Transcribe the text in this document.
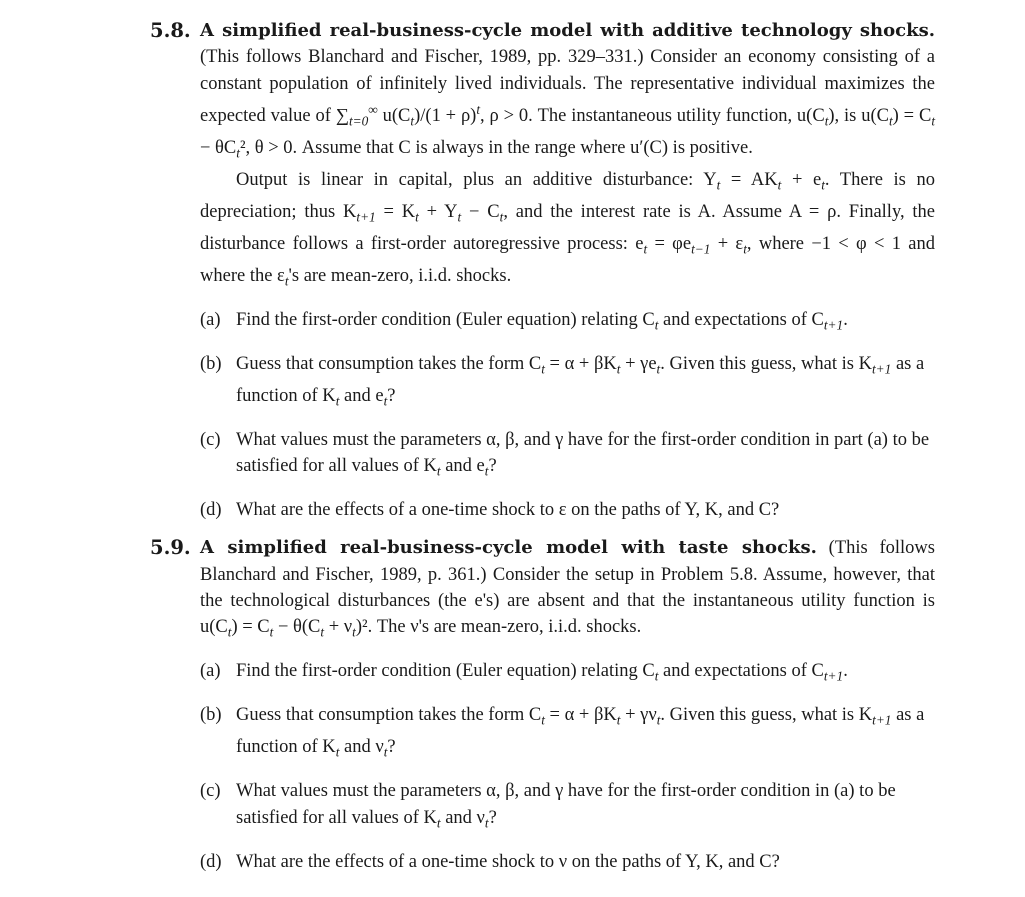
5.8. A simplified real-business-cycle model with additive technology shocks. (This follows Blanchard and Fischer, 1989, pp. 329–331.) Consider an economy consisting of a constant population of infinitely lived individuals. The representative individual maximizes the expected value of $\sum_{t=0}^\infty$ $u(C_t)/(1 + \rho)^t$, ρ > 0. The instantaneous utility function, $u(C_t)$, is $u(C_t) = C_t - \theta C_t^2$, θ > 0. Assume that C is always in the range where u′(C) is positive.

Output is linear in capital, plus an additive disturbance: $Y_t = AK_t + e_t$. There is no depreciation; thus $K_{t+1} = K_t + Y_t - C_t$, and the interest rate is A. Assume A = ρ. Finally, the disturbance follows a first-order autoregressive process: $e_t = \varphi e_{t-1} + \varepsilon_t$, where −1 < φ < 1 and where the $\varepsilon_t's$ are mean-zero, i.i.d. shocks.

(a) Find the first-order condition (Euler equation) relating $C_t$ and expectations of $C_{t+1}$.
(b) Guess that consumption takes the form $C_t = \alpha + \beta K_t + \gamma e_t$. Given this guess, what is $K_{t+1}$ as a function of $K_t$ and $e_t$?
(c) What values must the parameters α, β, and γ have for the first-order condition in part (a) to be satisfied for all values of $K_t$ and $e_t$?
(d) What are the effects of a one-time shock to ε on the paths of Y, K, and C?
5.9. A simplified real-business-cycle model with taste shocks. (This follows Blanchard and Fischer, 1989, p. 361.) Consider the setup in Problem 5.8. Assume, however, that the technological disturbances (the e's) are absent and that the instantaneous utility function is $u(C_t) = C_t - \theta(C_t + \nu_t)^2$. The ν's are mean-zero, i.i.d. shocks.

(a) Find the first-order condition (Euler equation) relating $C_t$ and expectations of $C_{t+1}$.
(b) Guess that consumption takes the form $C_t = \alpha + \beta K_t + \gamma\nu_t$. Given this guess, what is $K_{t+1}$ as a function of $K_t$ and $\nu_t$?
(c) What values must the parameters α, β, and γ have for the first-order condition in (a) to be satisfied for all values of $K_t$ and $\nu_t$?
(d) What are the effects of a one-time shock to ν on the paths of Y, K, and C?
